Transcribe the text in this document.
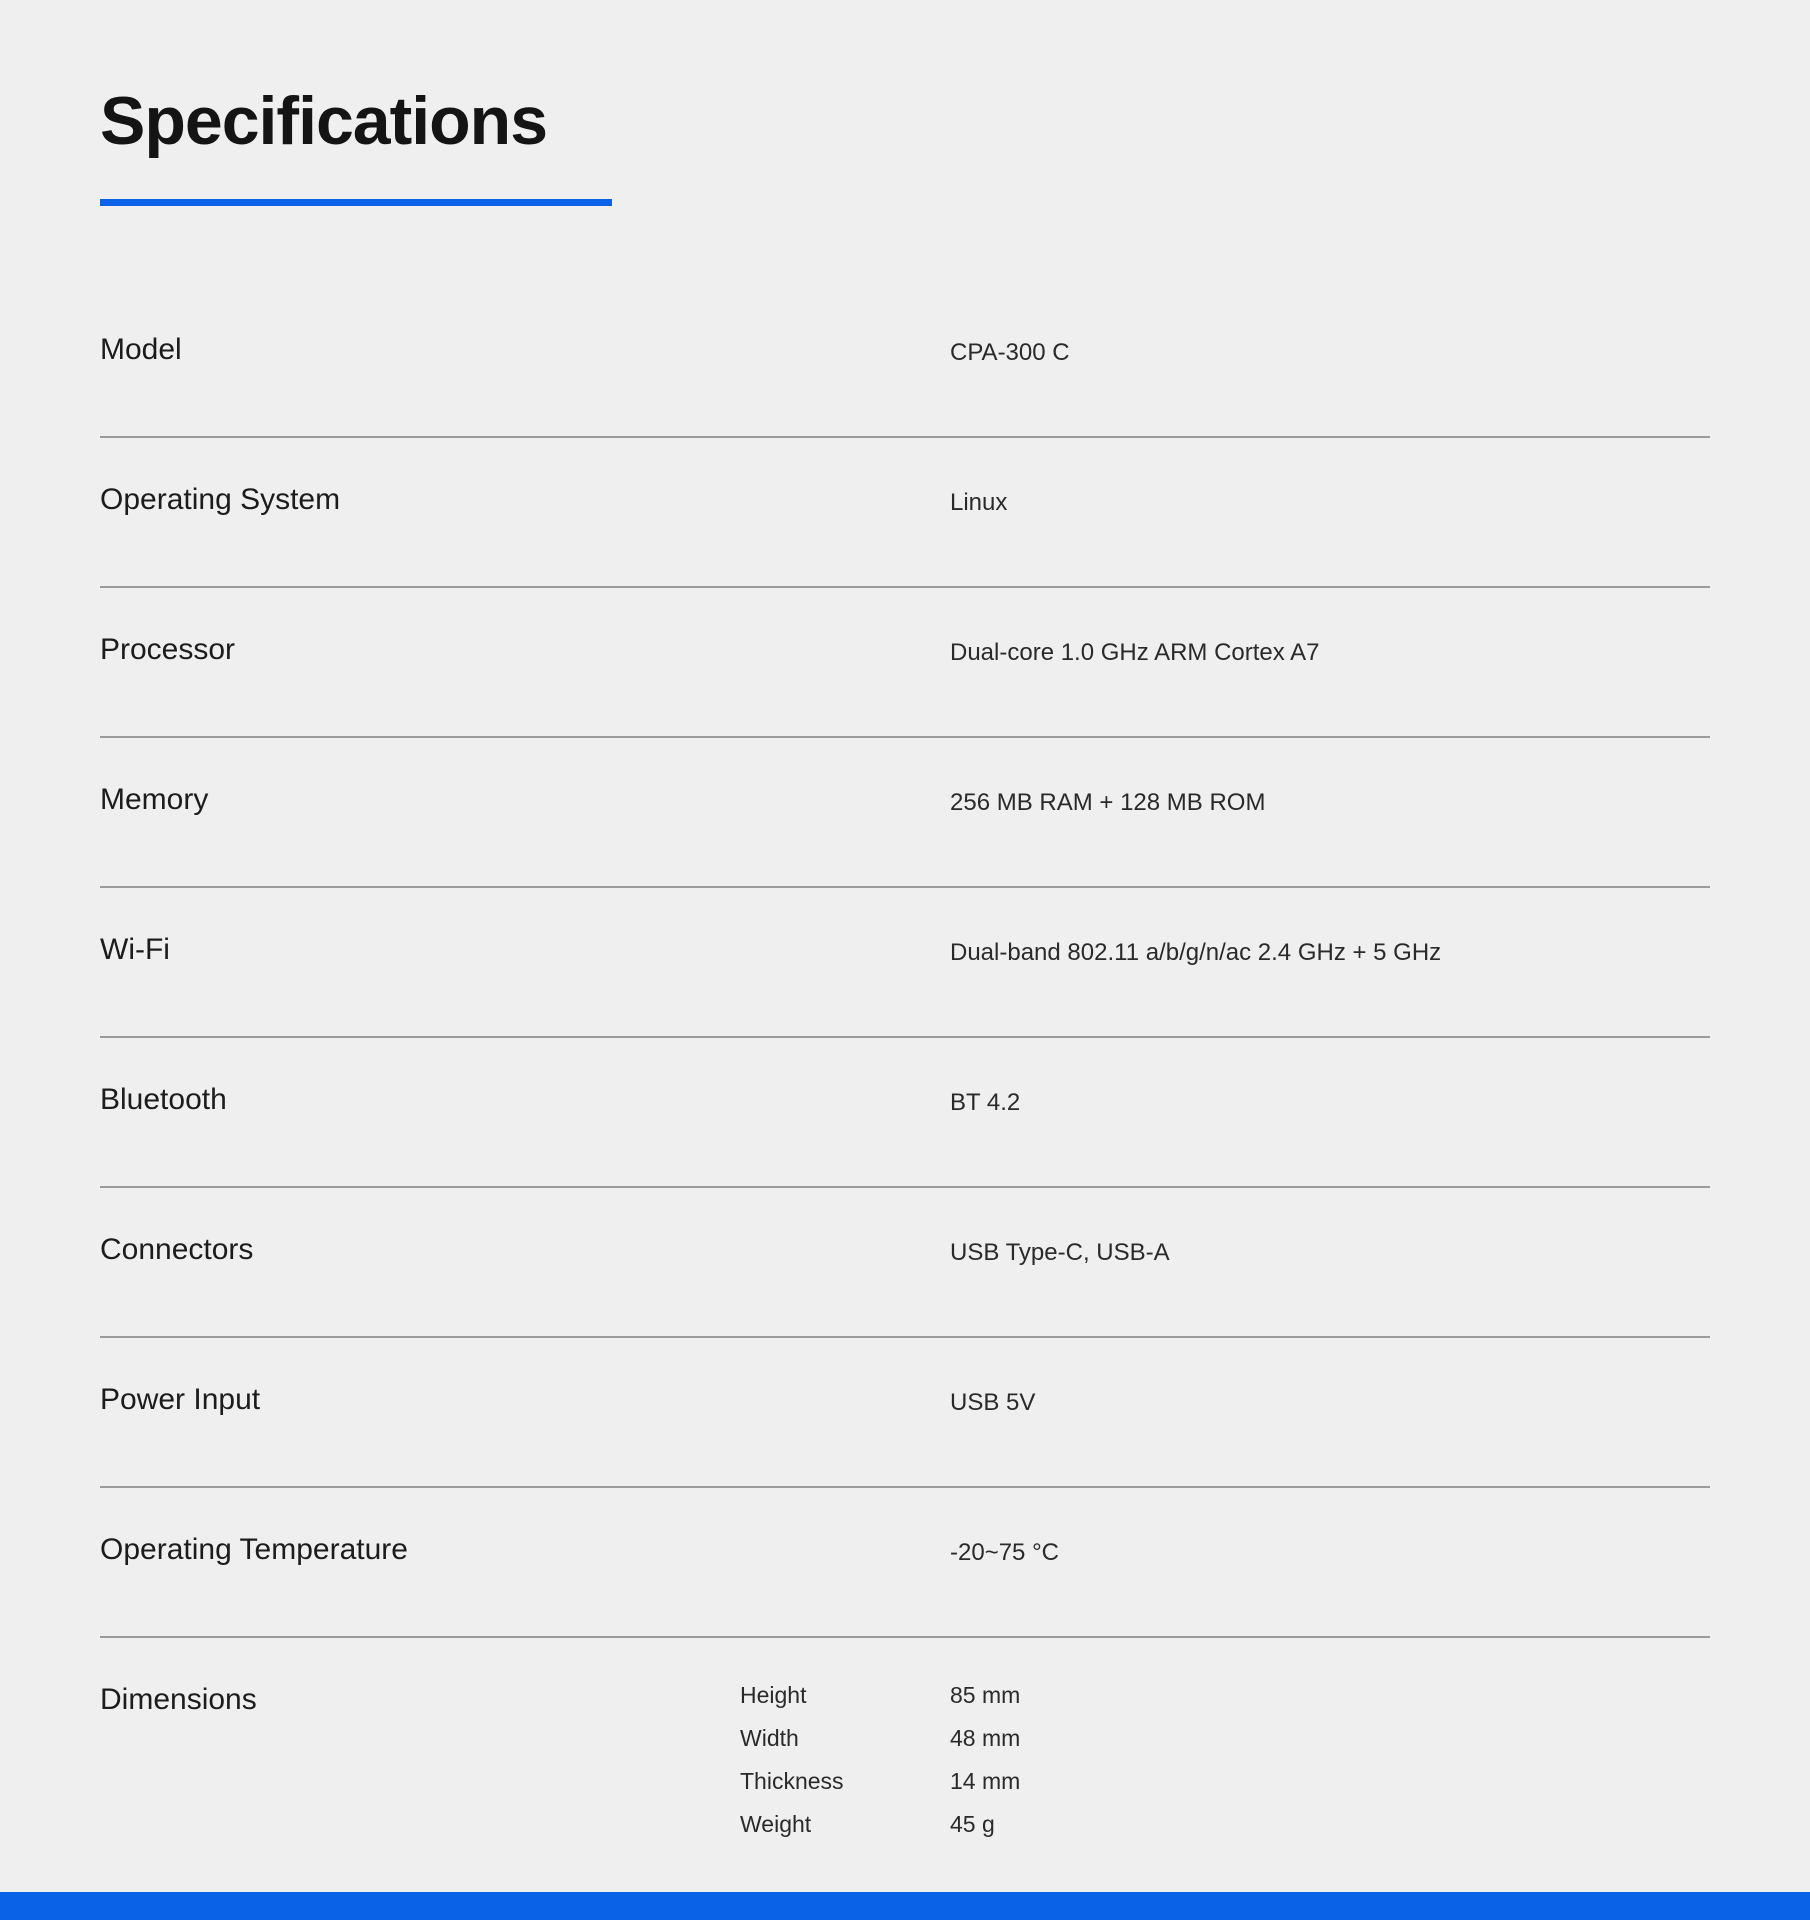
Specifications
Model	CPA-300 C
Operating System	Linux
Processor	Dual-core 1.0 GHz ARM Cortex A7
Memory	256 MB RAM + 128 MB ROM
Wi-Fi	Dual-band 802.11 a/b/g/n/ac 2.4 GHz + 5 GHz
Bluetooth	BT 4.2
Connectors	USB Type-C, USB-A
Power Input	USB 5V
Operating Temperature	-20~75 °C
Dimensions	Height	85 mm
Width	48 mm
Thickness	14 mm
Weight	45 g
